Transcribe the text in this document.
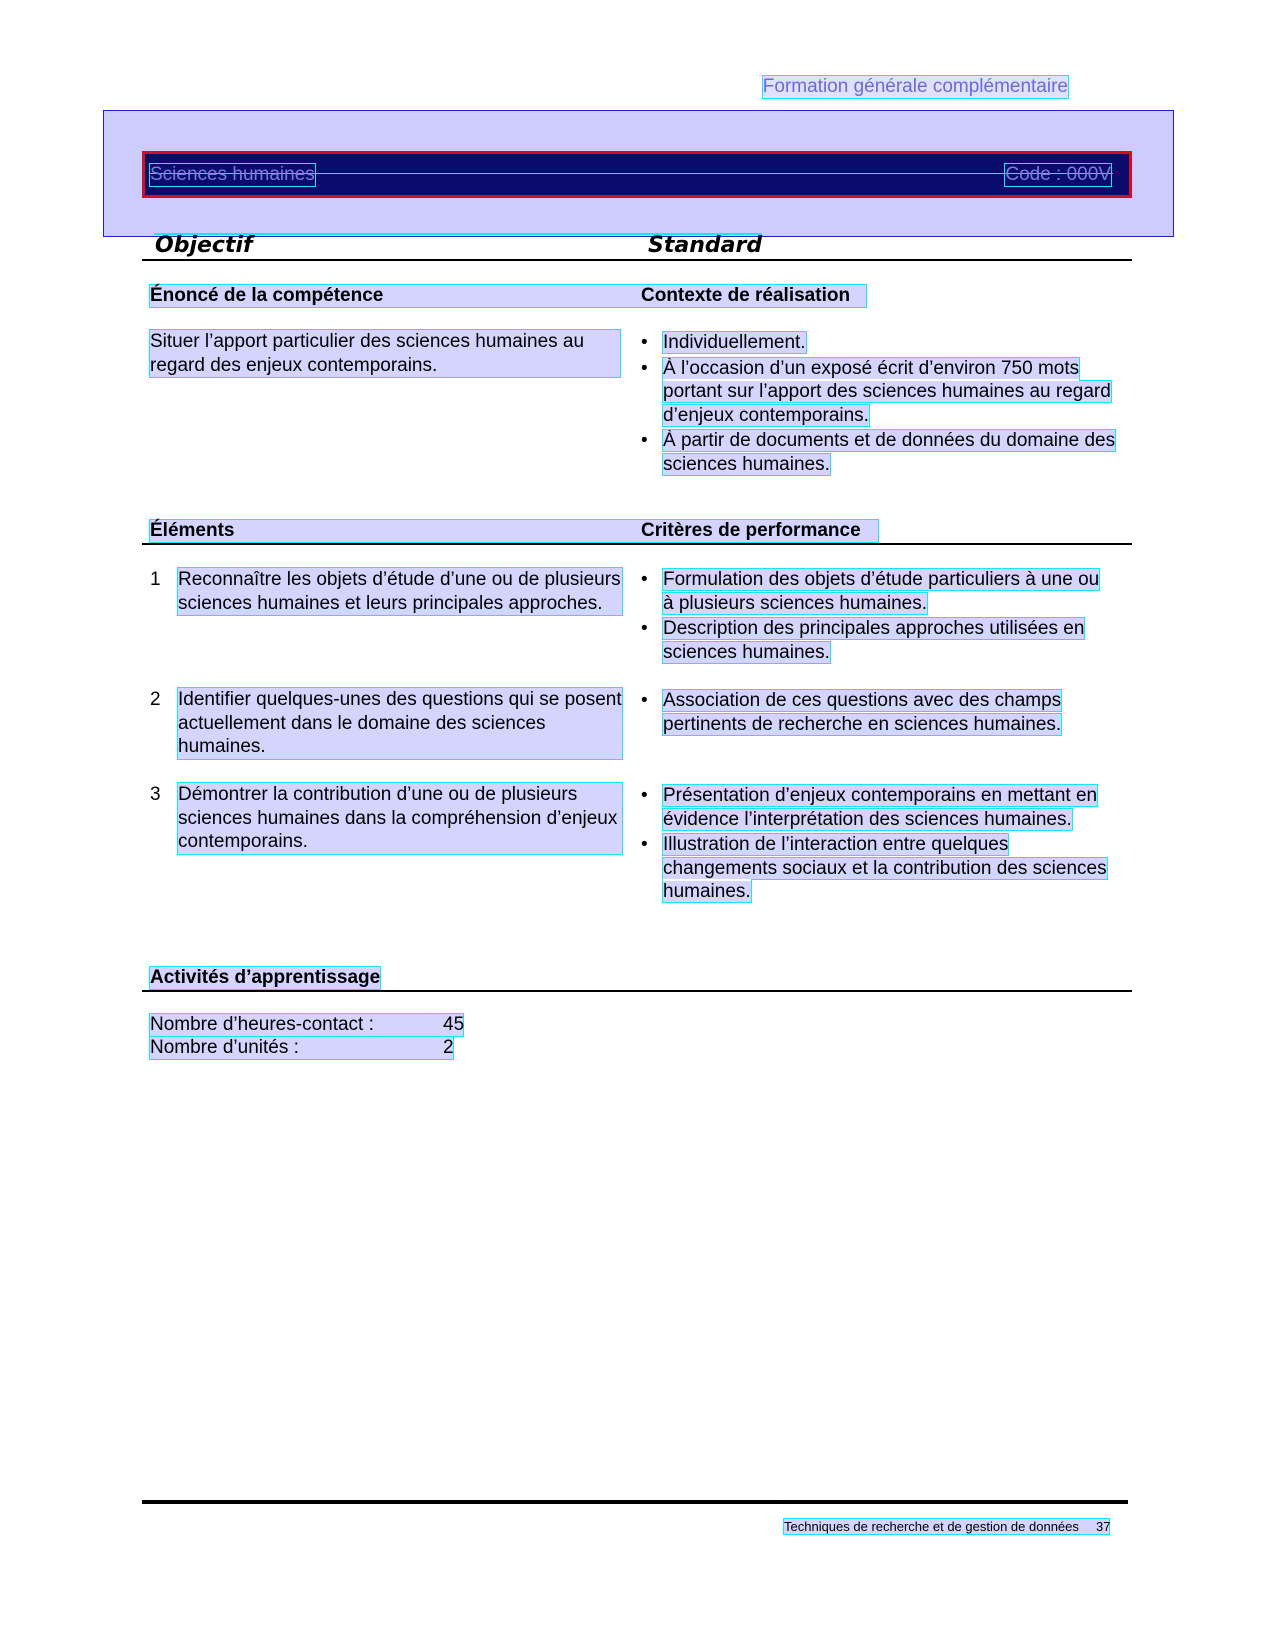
Formation générale complémentaire
Sciences humaines	Code : 000V
Objectif	Standard
Énoncé de la compétence	Contexte de réalisation
Situer l’apport particulier des sciences humaines au regard des enjeux contemporains.
• Individuellement.
• À l’occasion d’un exposé écrit d’environ 750 mots portant sur l’apport des sciences humaines au regard d’enjeux contemporains.
• À partir de documents et de données du domaine des sciences humaines.
Éléments	Critères de performance
1 Reconnaître les objets d’étude d’une ou de plusieurs sciences humaines et leurs principales approches.
• Formulation des objets d’étude particuliers à une ou à plusieurs sciences humaines.
• Description des principales approches utilisées en sciences humaines.
2 Identifier quelques-unes des questions qui se posent actuellement dans le domaine des sciences humaines.
• Association de ces questions avec des champs pertinents de recherche en sciences humaines.
3 Démontrer la contribution d’une ou de plusieurs sciences humaines dans la compréhension d’enjeux contemporains.
• Présentation d’enjeux contemporains en mettant en évidence l’interprétation des sciences humaines.
• Illustration de l’interaction entre quelques changements sociaux et la contribution des sciences humaines.
Activités d’apprentissage
Nombre d’heures-contact :	45
Nombre d’unités :	2
Techniques de recherche et de gestion de données 37
